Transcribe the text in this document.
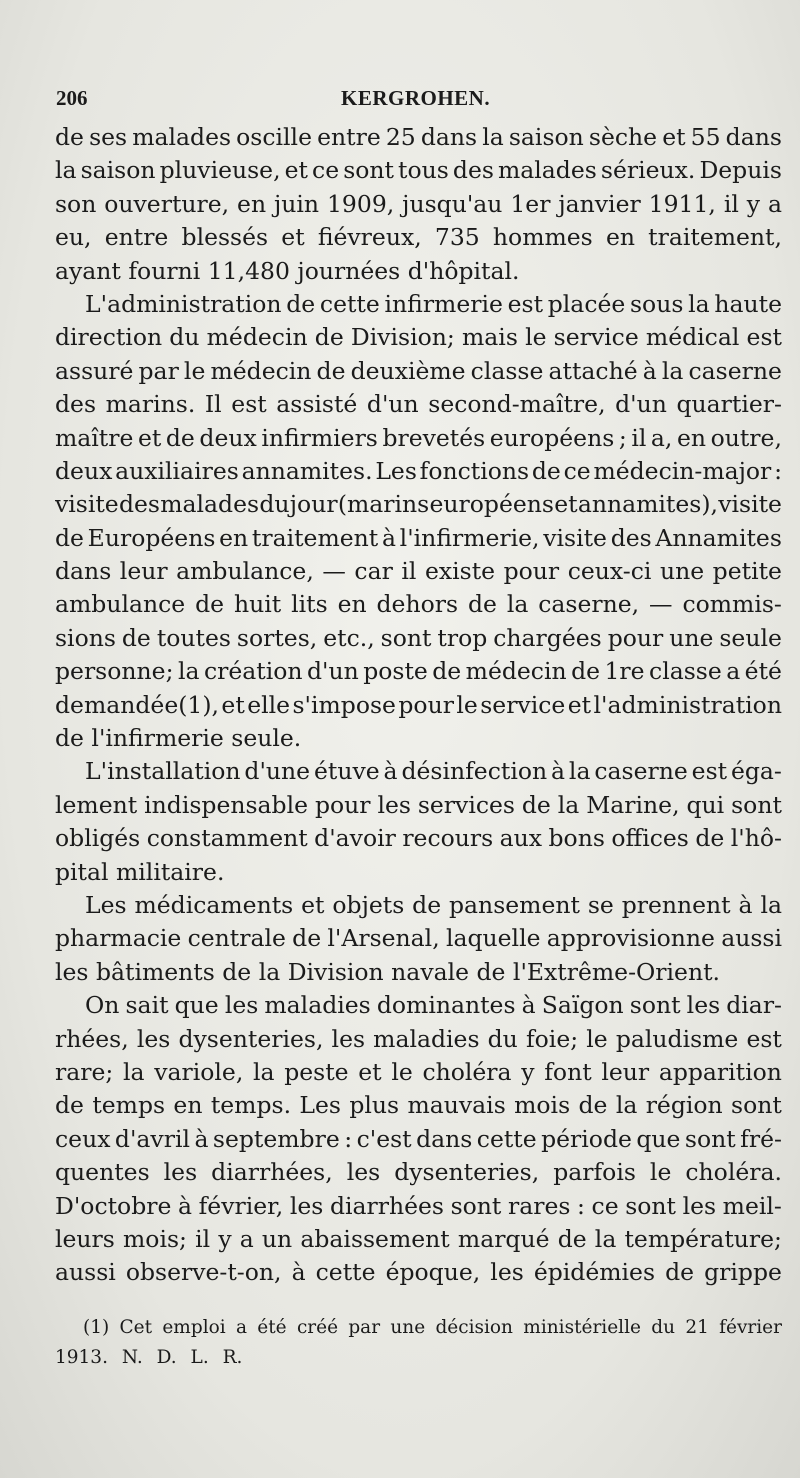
206	KERGROHEN.
de ses malades oscille entre 25 dans la saison sèche et 55 dans
la saison pluvieuse, et ce sont tous des malades sérieux. Depuis
son ouverture, en juin 1909, jusqu'au 1er janvier 1911, il y a
eu, entre blessés et fiévreux, 735 hommes en traitement,
ayant fourni 11,480 journées d'hôpital.
L'administration de cette infirmerie est placée sous la haute
direction du médecin de Division; mais le service médical est
assuré par le médecin de deuxième classe attaché à la caserne
des marins. Il est assisté d'un second-maître, d'un quartier-
maître et de deux infirmiers brevetés européens ; il a, en outre,
deux auxiliaires annamites. Les fonctions de ce médecin-major :
visite des malades du jour (marins européens et annamites), visite
de Européens en traitement à l'infirmerie, visite des Annamites
dans leur ambulance, — car il existe pour ceux-ci une petite
ambulance de huit lits en dehors de la caserne, — commis-
sions de toutes sortes, etc., sont trop chargées pour une seule
personne; la création d'un poste de médecin de 1re classe a été
demandée(1), et elle s'impose pour le service et l'administration
de l'infirmerie seule.
L'installation d'une étuve à désinfection à la caserne est éga-
lement indispensable pour les services de la Marine, qui sont
obligés constamment d'avoir recours aux bons offices de l'hô-
pital militaire.
Les médicaments et objets de pansement se prennent à la
pharmacie centrale de l'Arsenal, laquelle approvisionne aussi
les bâtiments de la Division navale de l'Extrême-Orient.
On sait que les maladies dominantes à Saïgon sont les diar-
rhées, les dysenteries, les maladies du foie; le paludisme est
rare; la variole, la peste et le choléra y font leur apparition
de temps en temps. Les plus mauvais mois de la région sont
ceux d'avril à septembre : c'est dans cette période que sont fré-
quentes les diarrhées, les dysenteries, parfois le choléra.
D'octobre à février, les diarrhées sont rares : ce sont les meil-
leurs mois; il y a un abaissement marqué de la température;
aussi observe-t-on, à cette époque, les épidémies de grippe
(1) Cet emploi a été créé par une décision ministérielle du 21 février
1913. N. D. L. R.
